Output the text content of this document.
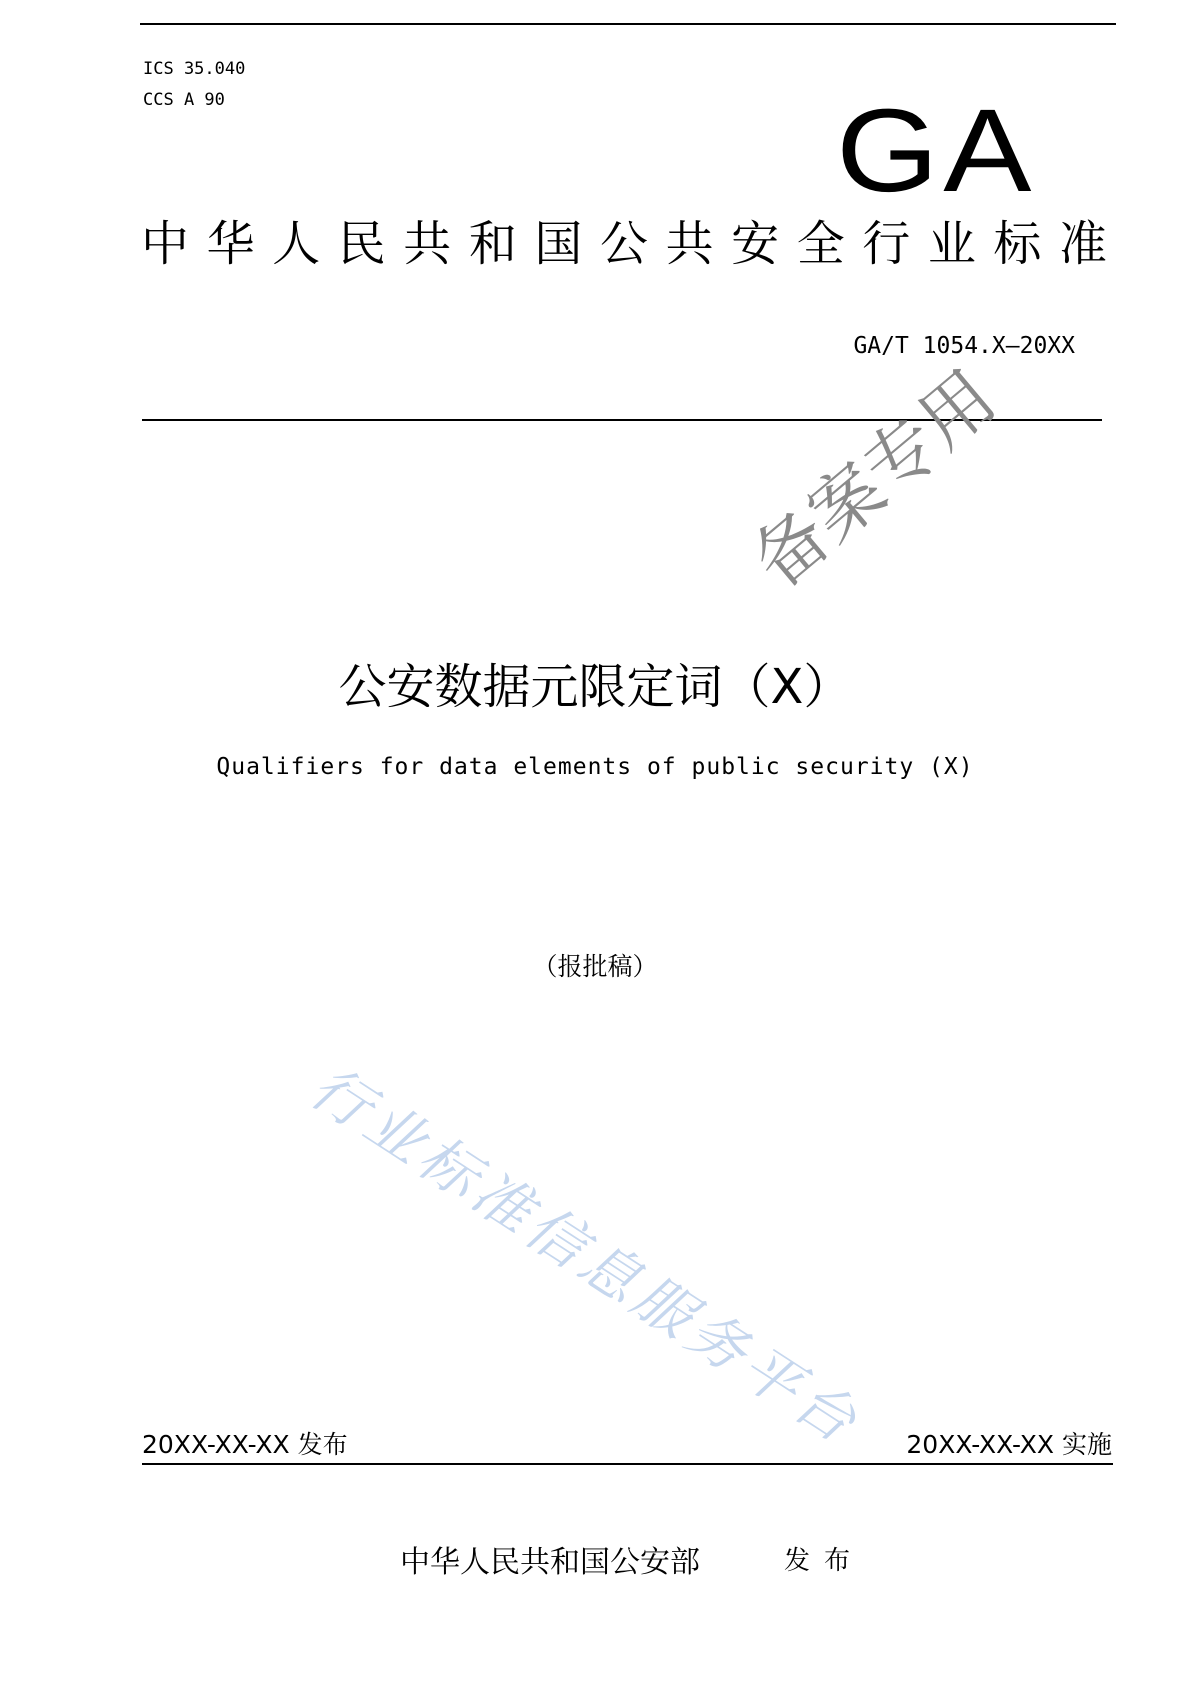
ICS 35.040
CCS A 90	GA
中华人民共和国公共安全行业标准
GA/T 1054.X—20XX
备案专用
公安数据元限定词（X）
Qualifiers for data elements of public security (X)
（报批稿）
行业标准信息服务平台
20XX-XX-XX 发布	20XX-XX-XX 实施
中华人民共和国公安部	发布
